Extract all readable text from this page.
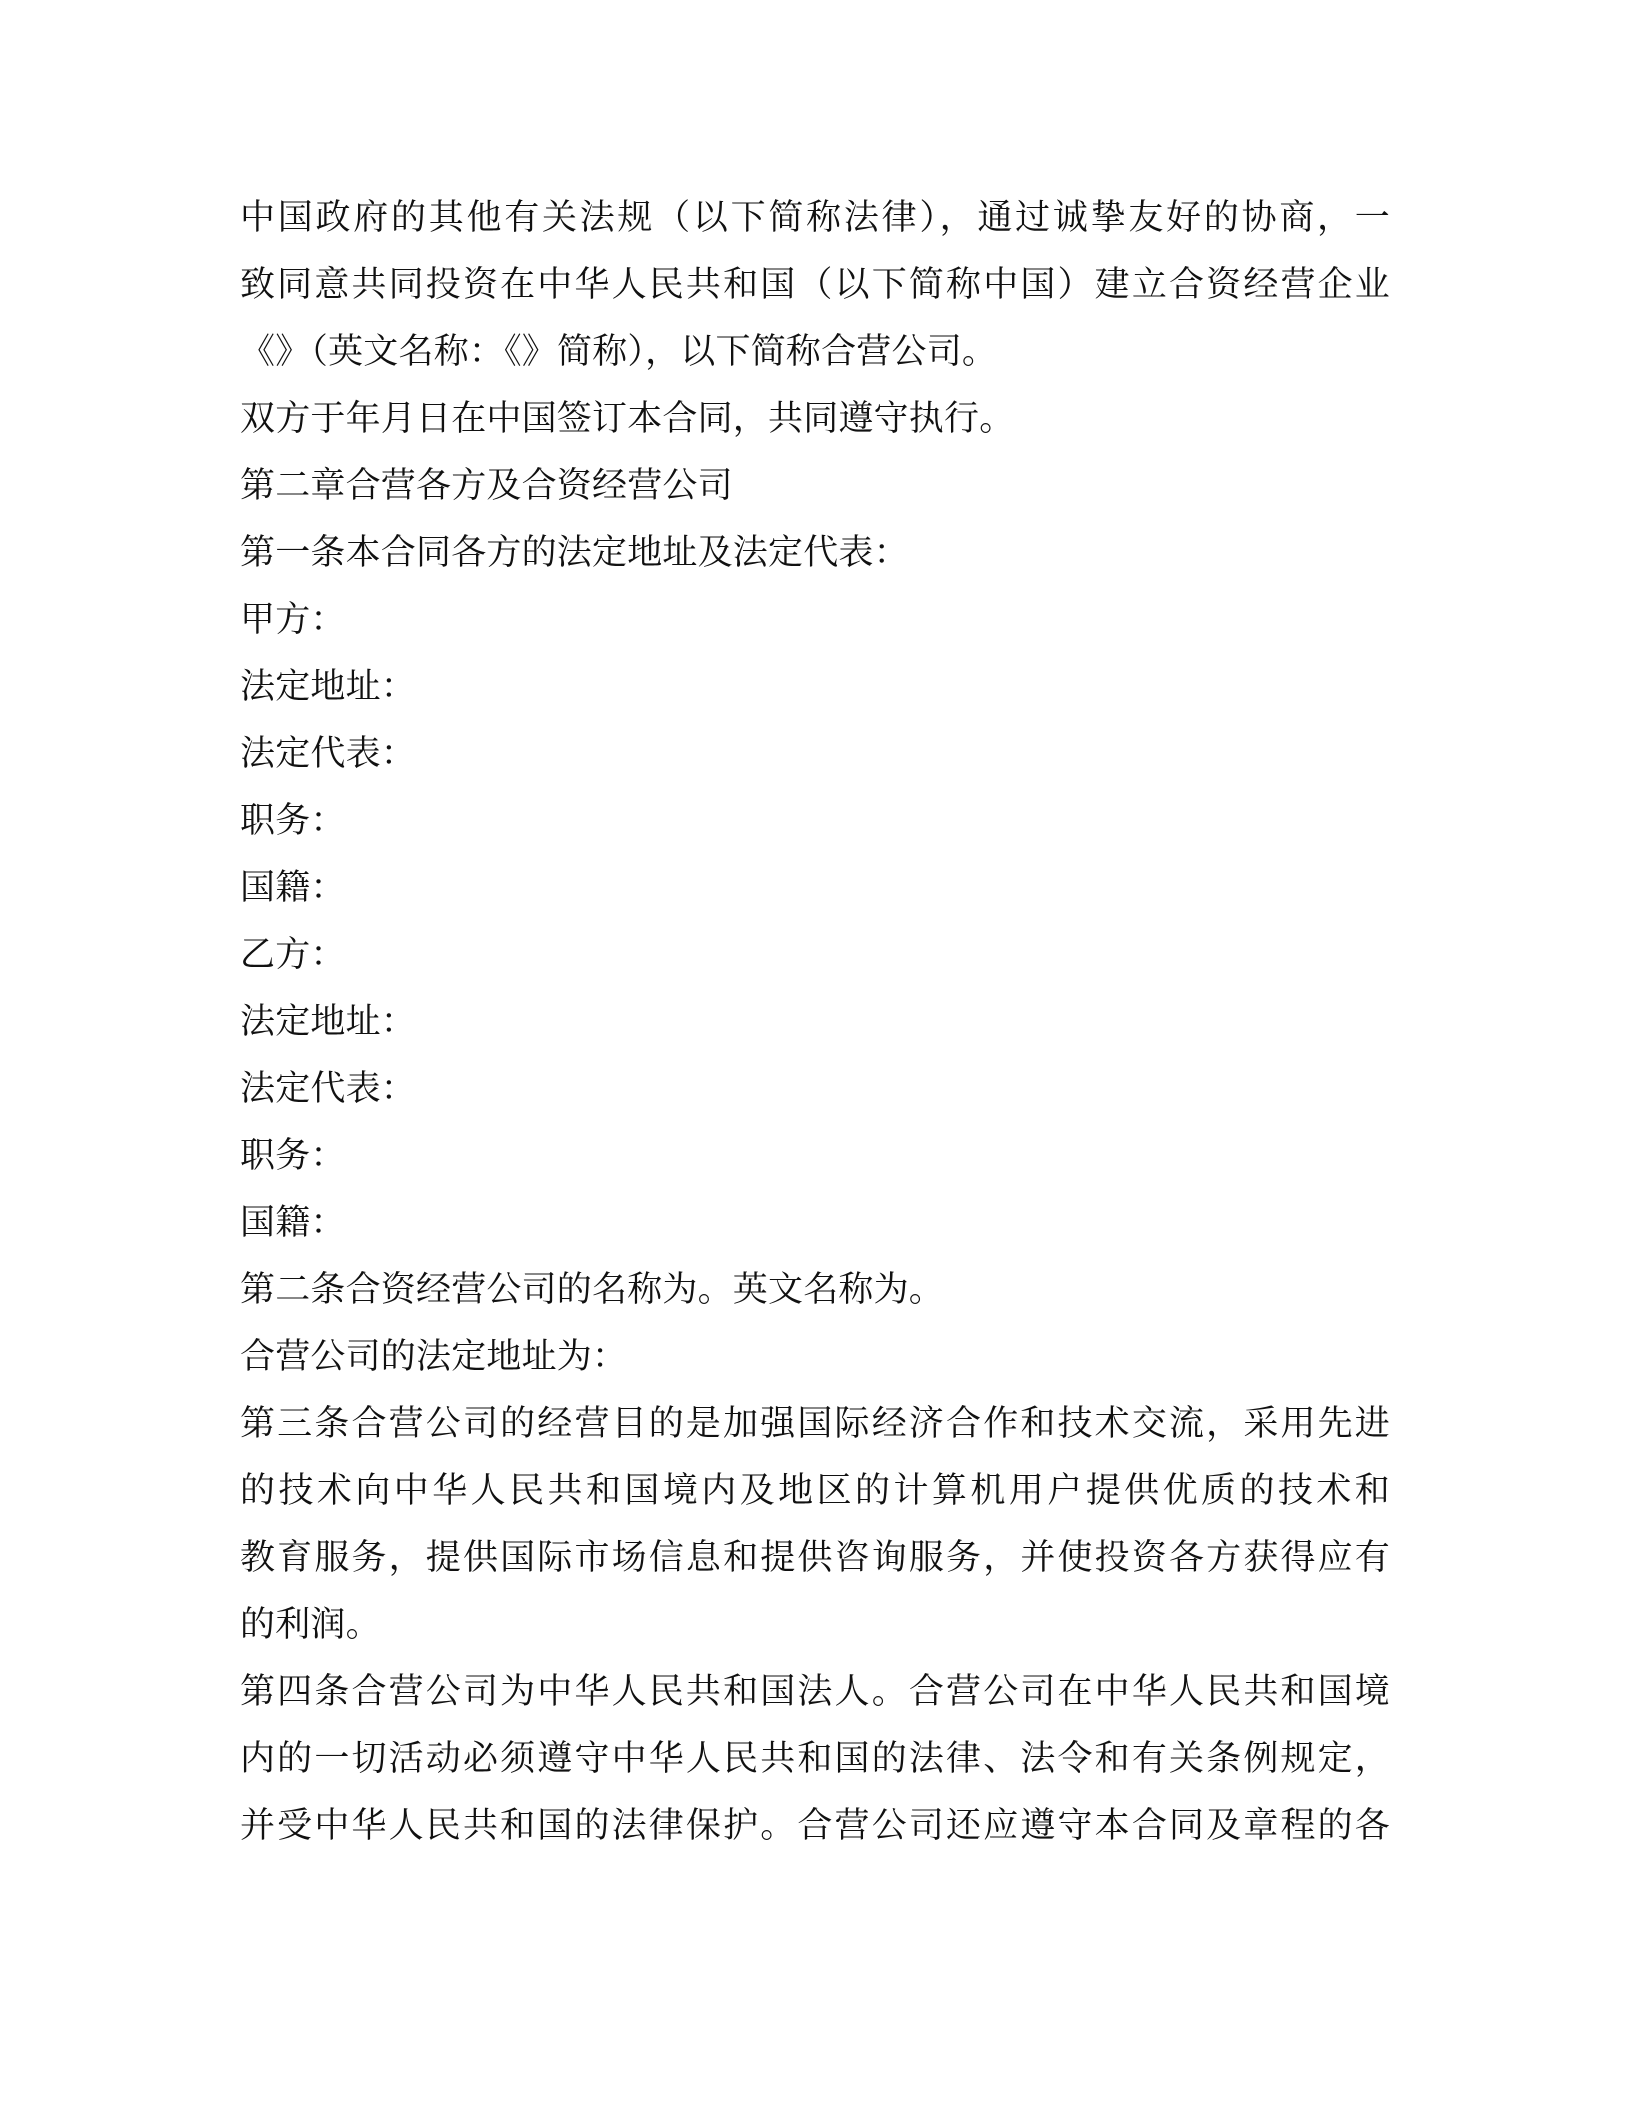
中国政府的其他有关法规（以下简称法律），通过诚挚友好的协商，一
致同意共同投资在中华人民共和国（以下简称中国）建立合资经营企业
《》（英文名称：《》简称），以下简称合营公司。
双方于年月日在中国签订本合同，共同遵守执行。
第二章合营各方及合资经营公司
第一条本合同各方的法定地址及法定代表：
甲方：
法定地址：
法定代表：
职务：
国籍：
乙方：
法定地址：
法定代表：
职务：
国籍：
第二条合资经营公司的名称为。英文名称为。
合营公司的法定地址为：
第三条合营公司的经营目的是加强国际经济合作和技术交流，采用先进
的技术向中华人民共和国境内及地区的计算机用户提供优质的技术和
教育服务，提供国际市场信息和提供咨询服务，并使投资各方获得应有
的利润。
第四条合营公司为中华人民共和国法人。合营公司在中华人民共和国境
内的一切活动必须遵守中华人民共和国的法律、法令和有关条例规定，
并受中华人民共和国的法律保护。合营公司还应遵守本合同及章程的各
